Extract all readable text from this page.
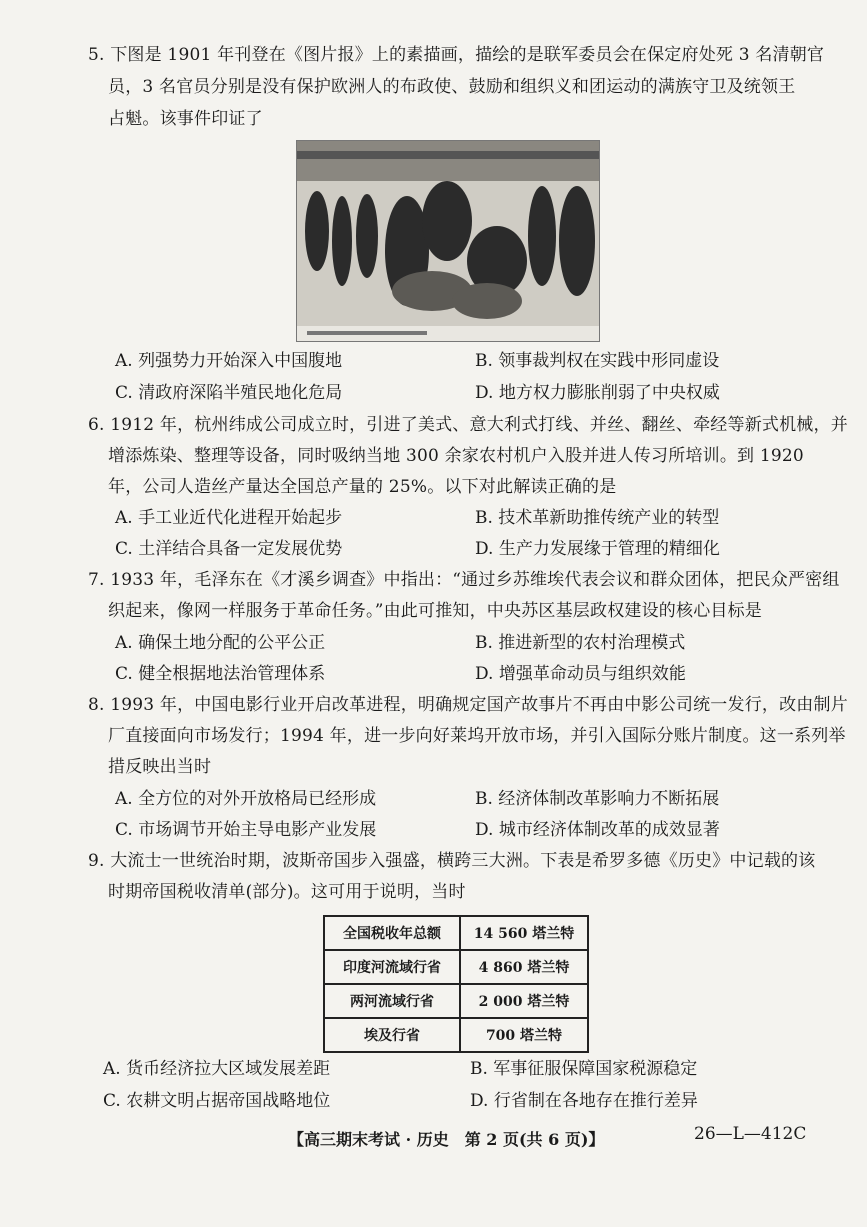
5. 下图是 1901 年刊登在《图片报》上的素描画，描绘的是联军委员会在保定府处死 3 名清朝官
员，3 名官员分别是没有保护欧洲人的布政使、鼓励和组织义和团运动的满族守卫及统领王
占魁。该事件印证了
A. 列强势力开始深入中国腹地	B. 领事裁判权在实践中形同虚设
C. 清政府深陷半殖民地化危局	D. 地方权力膨胀削弱了中央权威
6. 1912 年，杭州纬成公司成立时，引进了美式、意大利式打线、并丝、翻丝、牵经等新式机械，并
增添炼染、整理等设备，同时吸纳当地 300 余家农村机户入股并进人传习所培训。到 1920
年，公司人造丝产量达全国总产量的 25%。以下对此解读正确的是
A. 手工业近代化进程开始起步	B. 技术革新助推传统产业的转型
C. 土洋结合具备一定发展优势	D. 生产力发展缘于管理的精细化
7. 1933 年，毛泽东在《才溪乡调查》中指出：“通过乡苏维埃代表会议和群众团体，把民众严密组
织起来，像网一样服务于革命任务。”由此可推知，中央苏区基层政权建设的核心目标是
A. 确保土地分配的公平公正	B. 推进新型的农村治理模式
C. 健全根据地法治管理体系	D. 增强革命动员与组织效能
8. 1993 年，中国电影行业开启改革进程，明确规定国产故事片不再由中影公司统一发行，改由制片
厂直接面向市场发行；1994 年，进一步向好莱坞开放市场，并引入国际分账片制度。这一系列举
措反映出当时
A. 全方位的对外开放格局已经形成	B. 经济体制改革影响力不断拓展
C. 市场调节开始主导电影产业发展	D. 城市经济体制改革的成效显著
9. 大流士一世统治时期，波斯帝国步入强盛，横跨三大洲。下表是希罗多德《历史》中记载的该
时期帝国税收清单(部分)。这可用于说明，当时
全国税收年总额	14 560 塔兰特
印度河流域行省	4 860 塔兰特
两河流域行省	2 000 塔兰特
埃及行省	700 塔兰特
A. 货币经济拉大区域发展差距	B. 军事征服保障国家税源稳定
C. 农耕文明占据帝国战略地位	D. 行省制在各地存在推行差异
【高三期末考试 · 历史　第 2 页(共 6 页)】	26—L—412C
